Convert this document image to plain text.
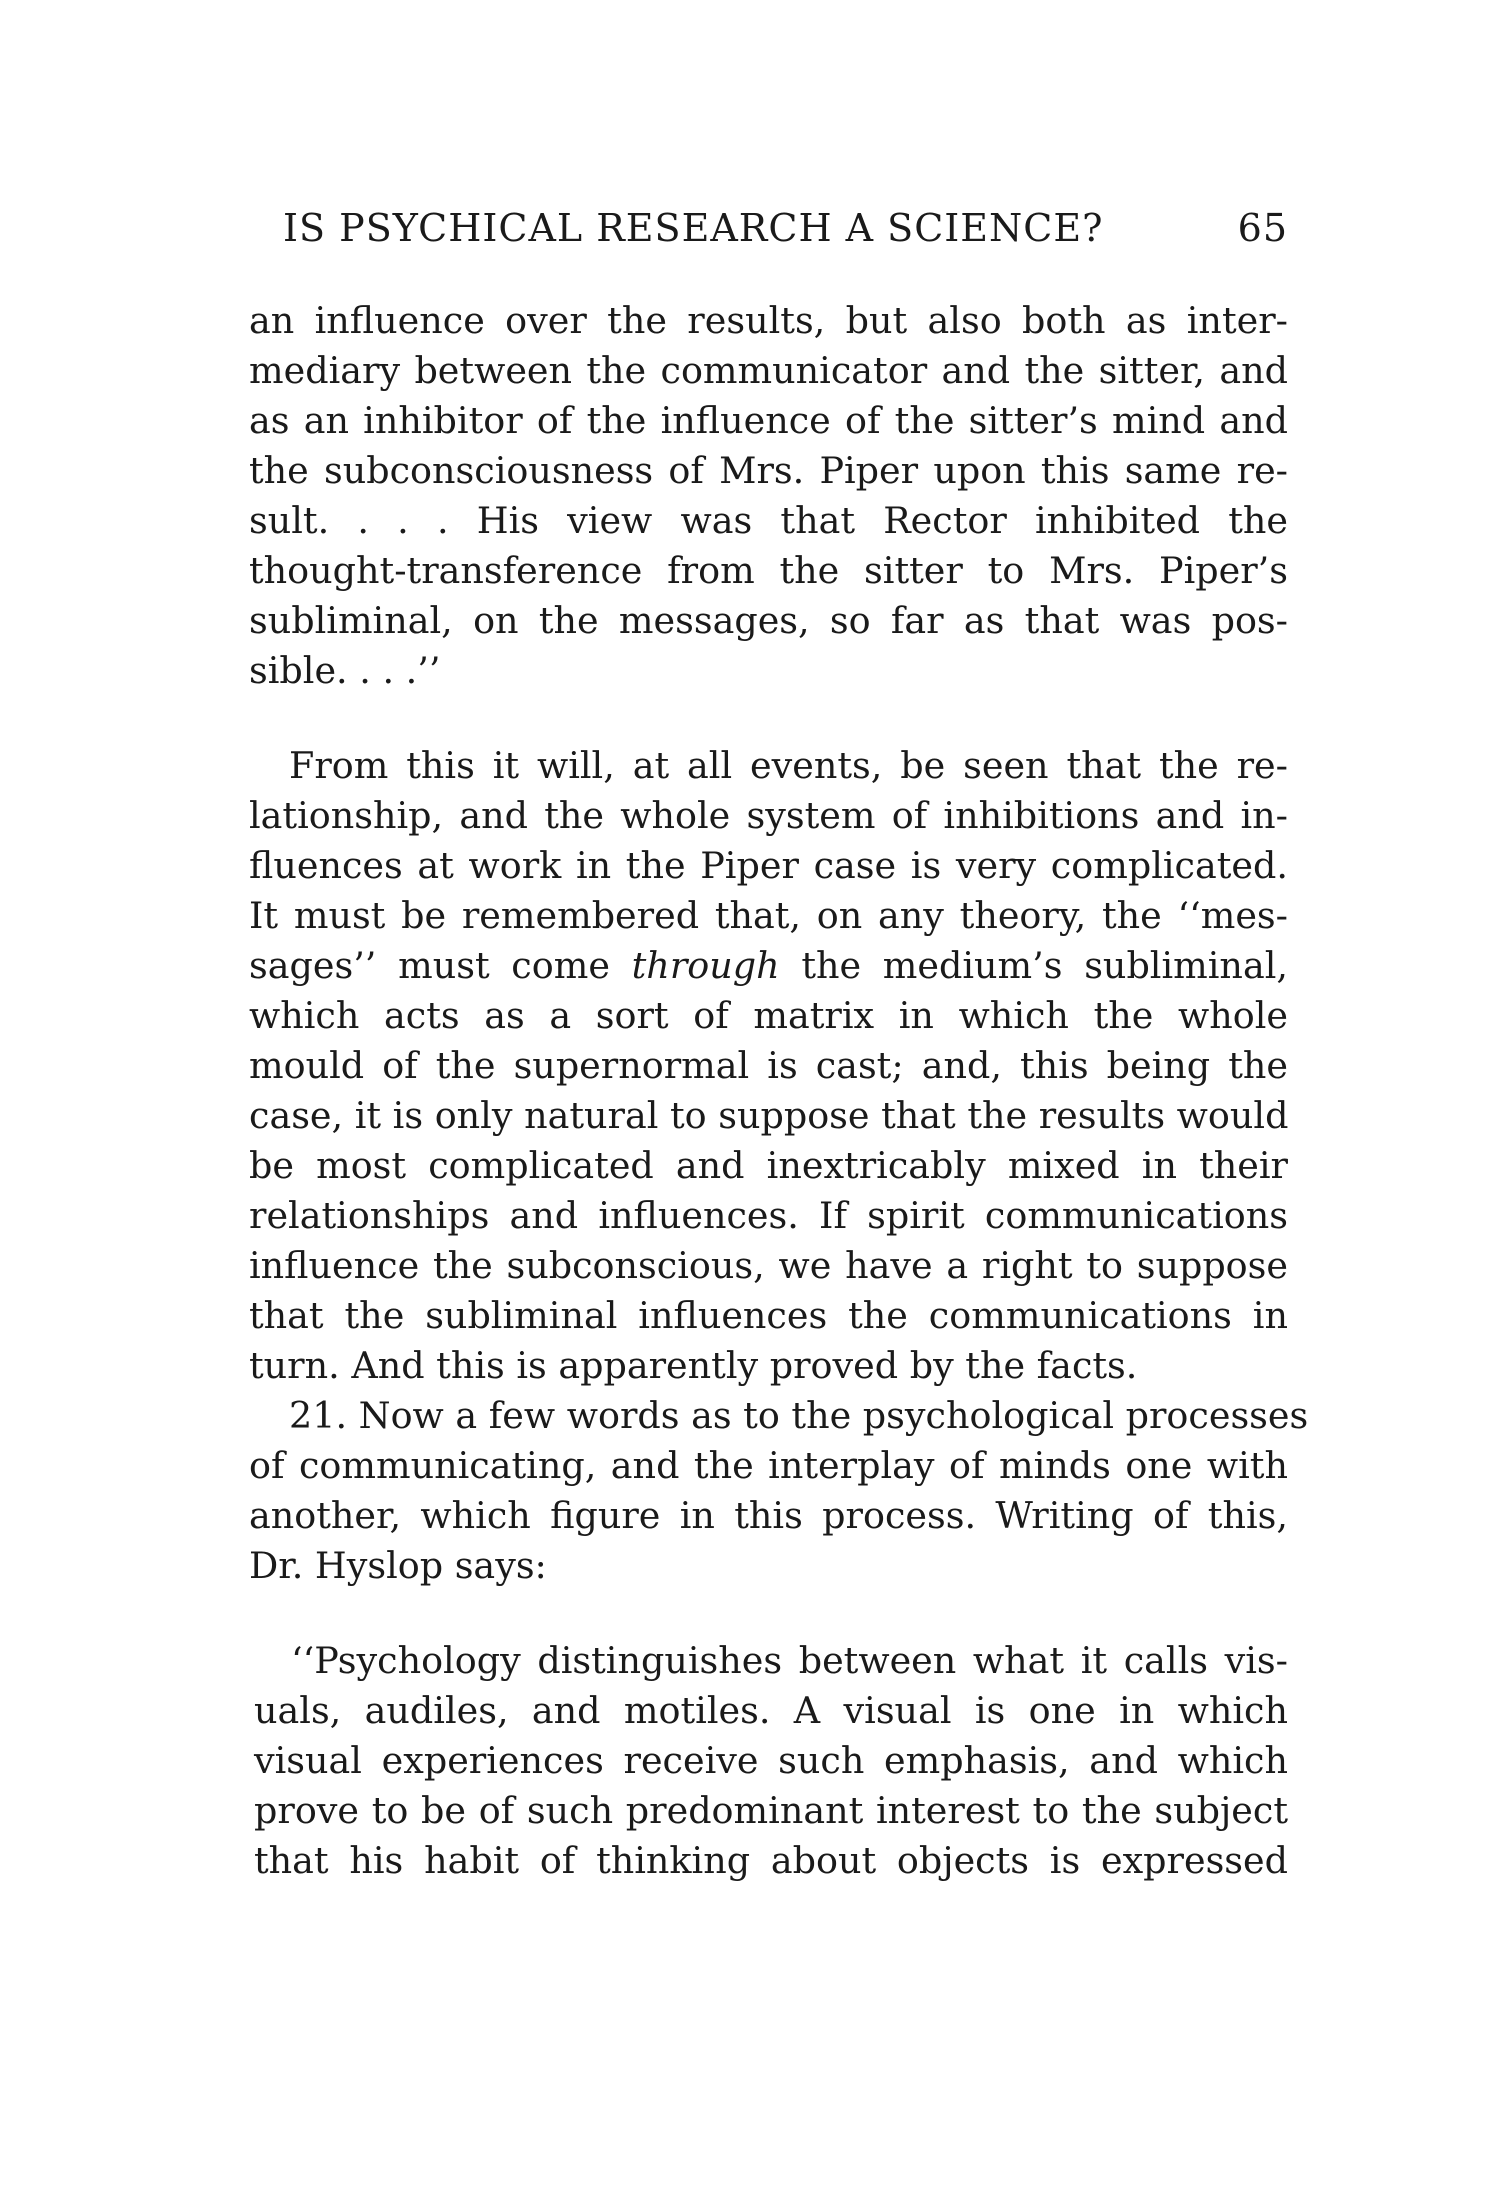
IS PSYCHICAL RESEARCH A SCIENCE?	65
an influence over the results, but also both as inter-
mediary between the communicator and the sitter, and
as an inhibitor of the influence of the sitter’s mind and
the subconsciousness of Mrs. Piper upon this same re-
sult. . . . His view was that Rector inhibited the
thought-transference from the sitter to Mrs. Piper’s
subliminal, on the messages, so far as that was pos-
sible. . . .’’
From this it will, at all events, be seen that the re-
lationship, and the whole system of inhibitions and in-
fluences at work in the Piper case is very complicated.
It must be remembered that, on any theory, the ‘‘mes-
sages’’ must come through the medium’s subliminal,
which acts as a sort of matrix in which the whole
mould of the supernormal is cast; and, this being the
case, it is only natural to suppose that the results would
be most complicated and inextricably mixed in their
relationships and influences. If spirit communications
influence the subconscious, we have a right to suppose
that the subliminal influences the communications in
turn. And this is apparently proved by the facts.
21. Now a few words as to the psychological processes
of communicating, and the interplay of minds one with
another, which figure in this process. Writing of this,
Dr. Hyslop says:
‘‘Psychology distinguishes between what it calls vis-
uals, audiles, and motiles. A visual is one in which
visual experiences receive such emphasis, and which
prove to be of such predominant interest to the subject
that his habit of thinking about objects is expressed
